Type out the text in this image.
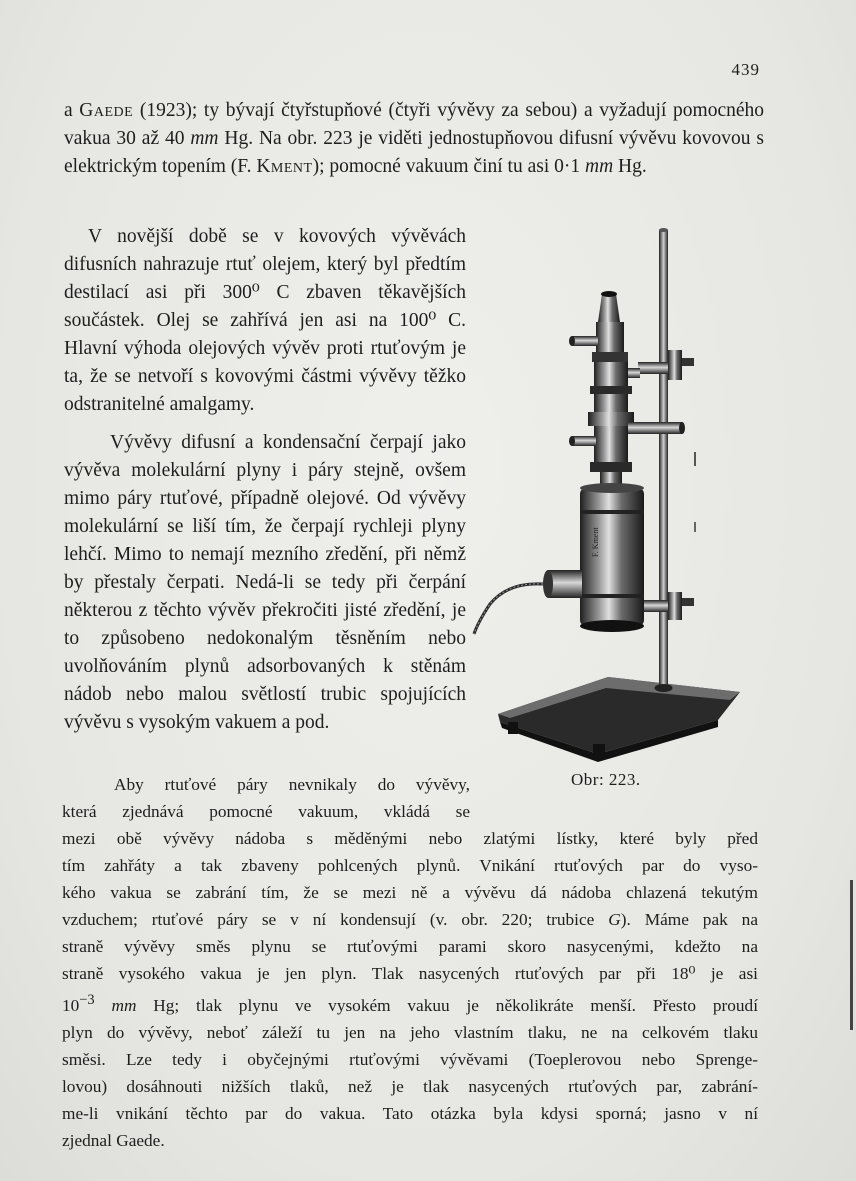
439

a Gaede (1923); ty bývají čtyřstupňové (čtyři vývěvy za sebou) a vyžadují pomocného vakua 30 až 40 mm Hg. Na obr. 223 je viděti jednostupňovou difusní vývěvu kovovou s elektrickým topením (F. Kment); pomocné vakuum činí tu asi 0·1 mm Hg.

V novější době se v kovových vývěvách difusních nahrazuje rtuť olejem, který byl předtím destilací asi při 300⁰ C zbaven těkavějších součástek. Olej se zahřívá jen asi na 100⁰ C. Hlavní výhoda olejových vývěv proti rtuťovým je ta, že se netvoří s kovovými částmi vývěvy těžko odstranitelné amalgamy.

Vývěvy difusní a kondensační čerpají jako vývěva molekulární plyny i páry stejně, ovšem mimo páry rtuťové, případně olejové. Od vývěvy molekulární se liší tím, že čerpají rychleji plyny lehčí. Mimo to nemají mezního zředění, při němž by přestaly čerpati. Nedá-li se tedy při čerpání některou z těchto vývěv překročiti jisté zředění, je to způsobeno nedokonalým těsněním nebo uvolňováním plynů adsorbovaných k stěnám nádob nebo malou světlostí trubic spojujících vývěvu s vysokým vakuem a pod.

F. Kment
Obr: 223.

Aby rtuťové páry nevnikaly do vývěvy,
která zjednává pomocné vakuum, vkládá se
mezi obě vývěvy nádoba s měděnými nebo zlatými lístky, které byly před
tím zahřáty a tak zbaveny pohlcených plynů. Vnikání rtuťových par do vyso-
kého vakua se zabrání tím, že se mezi ně a vývěvu dá nádoba chlazená tekutým
vzduchem; rtuťové páry se v ní kondensují (v. obr. 220; trubice G). Máme pak na
straně vývěvy směs plynu se rtuťovými parami skoro nasycenými, kdežto na
straně vysokého vakua je jen plyn. Tlak nasycených rtuťových par při 18⁰ je asi
$10^{-3}$ mm Hg; tlak plynu ve vysokém vakuu je několikráte menší. Přesto proudí
plyn do vývěvy, neboť záleží tu jen na jeho vlastním tlaku, ne na celkovém tlaku
směsi. Lze tedy i obyčejnými rtuťovými vývěvami (Toeplerovou nebo Sprenge-
lovou) dosáhnouti nižších tlaků, než je tlak nasycených rtuťových par, zabrání-
me-li vnikání těchto par do vakua. Tato otázka byla kdysi sporná; jasno v ní
zjednal Gaede.
